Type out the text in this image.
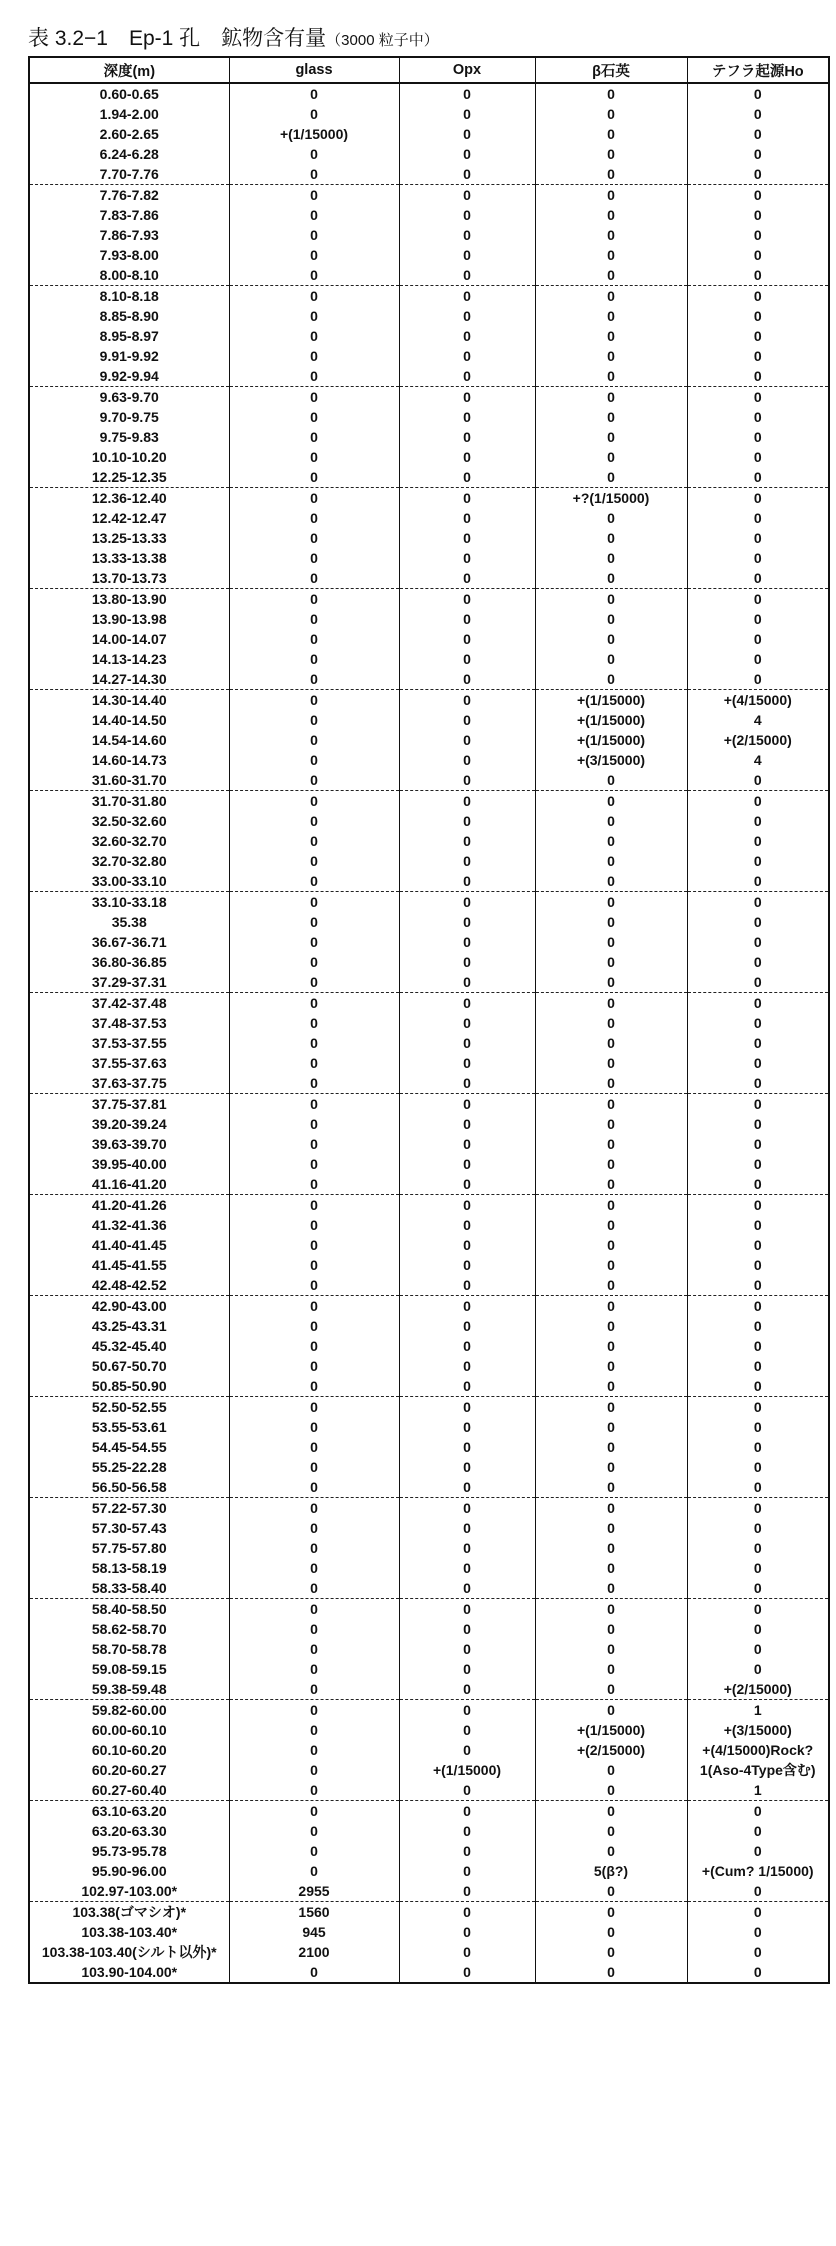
表 3.2−1　Ep-1 孔　鉱物含有量（3000 粒子中）
深度(m)	glass	Opx	β石英	テフラ起源Ho
0.60-0.65	0	0	0	0
1.94-2.00	0	0	0	0
2.60-2.65	+(1/15000)	0	0	0
6.24-6.28	0	0	0	0
7.70-7.76	0	0	0	0
7.76-7.82	0	0	0	0
7.83-7.86	0	0	0	0
7.86-7.93	0	0	0	0
7.93-8.00	0	0	0	0
8.00-8.10	0	0	0	0
8.10-8.18	0	0	0	0
8.85-8.90	0	0	0	0
8.95-8.97	0	0	0	0
9.91-9.92	0	0	0	0
9.92-9.94	0	0	0	0
9.63-9.70	0	0	0	0
9.70-9.75	0	0	0	0
9.75-9.83	0	0	0	0
10.10-10.20	0	0	0	0
12.25-12.35	0	0	0	0
12.36-12.40	0	0	+?(1/15000)	0
12.42-12.47	0	0	0	0
13.25-13.33	0	0	0	0
13.33-13.38	0	0	0	0
13.70-13.73	0	0	0	0
13.80-13.90	0	0	0	0
13.90-13.98	0	0	0	0
14.00-14.07	0	0	0	0
14.13-14.23	0	0	0	0
14.27-14.30	0	0	0	0
14.30-14.40	0	0	+(1/15000)	+(4/15000)
14.40-14.50	0	0	+(1/15000)	4
14.54-14.60	0	0	+(1/15000)	+(2/15000)
14.60-14.73	0	0	+(3/15000)	4
31.60-31.70	0	0	0	0
31.70-31.80	0	0	0	0
32.50-32.60	0	0	0	0
32.60-32.70	0	0	0	0
32.70-32.80	0	0	0	0
33.00-33.10	0	0	0	0
33.10-33.18	0	0	0	0
35.38	0	0	0	0
36.67-36.71	0	0	0	0
36.80-36.85	0	0	0	0
37.29-37.31	0	0	0	0
37.42-37.48	0	0	0	0
37.48-37.53	0	0	0	0
37.53-37.55	0	0	0	0
37.55-37.63	0	0	0	0
37.63-37.75	0	0	0	0
37.75-37.81	0	0	0	0
39.20-39.24	0	0	0	0
39.63-39.70	0	0	0	0
39.95-40.00	0	0	0	0
41.16-41.20	0	0	0	0
41.20-41.26	0	0	0	0
41.32-41.36	0	0	0	0
41.40-41.45	0	0	0	0
41.45-41.55	0	0	0	0
42.48-42.52	0	0	0	0
42.90-43.00	0	0	0	0
43.25-43.31	0	0	0	0
45.32-45.40	0	0	0	0
50.67-50.70	0	0	0	0
50.85-50.90	0	0	0	0
52.50-52.55	0	0	0	0
53.55-53.61	0	0	0	0
54.45-54.55	0	0	0	0
55.25-22.28	0	0	0	0
56.50-56.58	0	0	0	0
57.22-57.30	0	0	0	0
57.30-57.43	0	0	0	0
57.75-57.80	0	0	0	0
58.13-58.19	0	0	0	0
58.33-58.40	0	0	0	0
58.40-58.50	0	0	0	0
58.62-58.70	0	0	0	0
58.70-58.78	0	0	0	0
59.08-59.15	0	0	0	0
59.38-59.48	0	0	0	+(2/15000)
59.82-60.00	0	0	0	1
60.00-60.10	0	0	+(1/15000)	+(3/15000)
60.10-60.20	0	0	+(2/15000)	+(4/15000)Rock?
60.20-60.27	0	+(1/15000)	0	1(Aso-4Type含む)
60.27-60.40	0	0	0	1
63.10-63.20	0	0	0	0
63.20-63.30	0	0	0	0
95.73-95.78	0	0	0	0
95.90-96.00	0	0	5(β?)	+(Cum? 1/15000)
102.97-103.00*	2955	0	0	0
103.38(ゴマシオ)*	1560	0	0	0
103.38-103.40*	945	0	0	0
103.38-103.40(シルト以外)*	2100	0	0	0
103.90-104.00*	0	0	0	0
